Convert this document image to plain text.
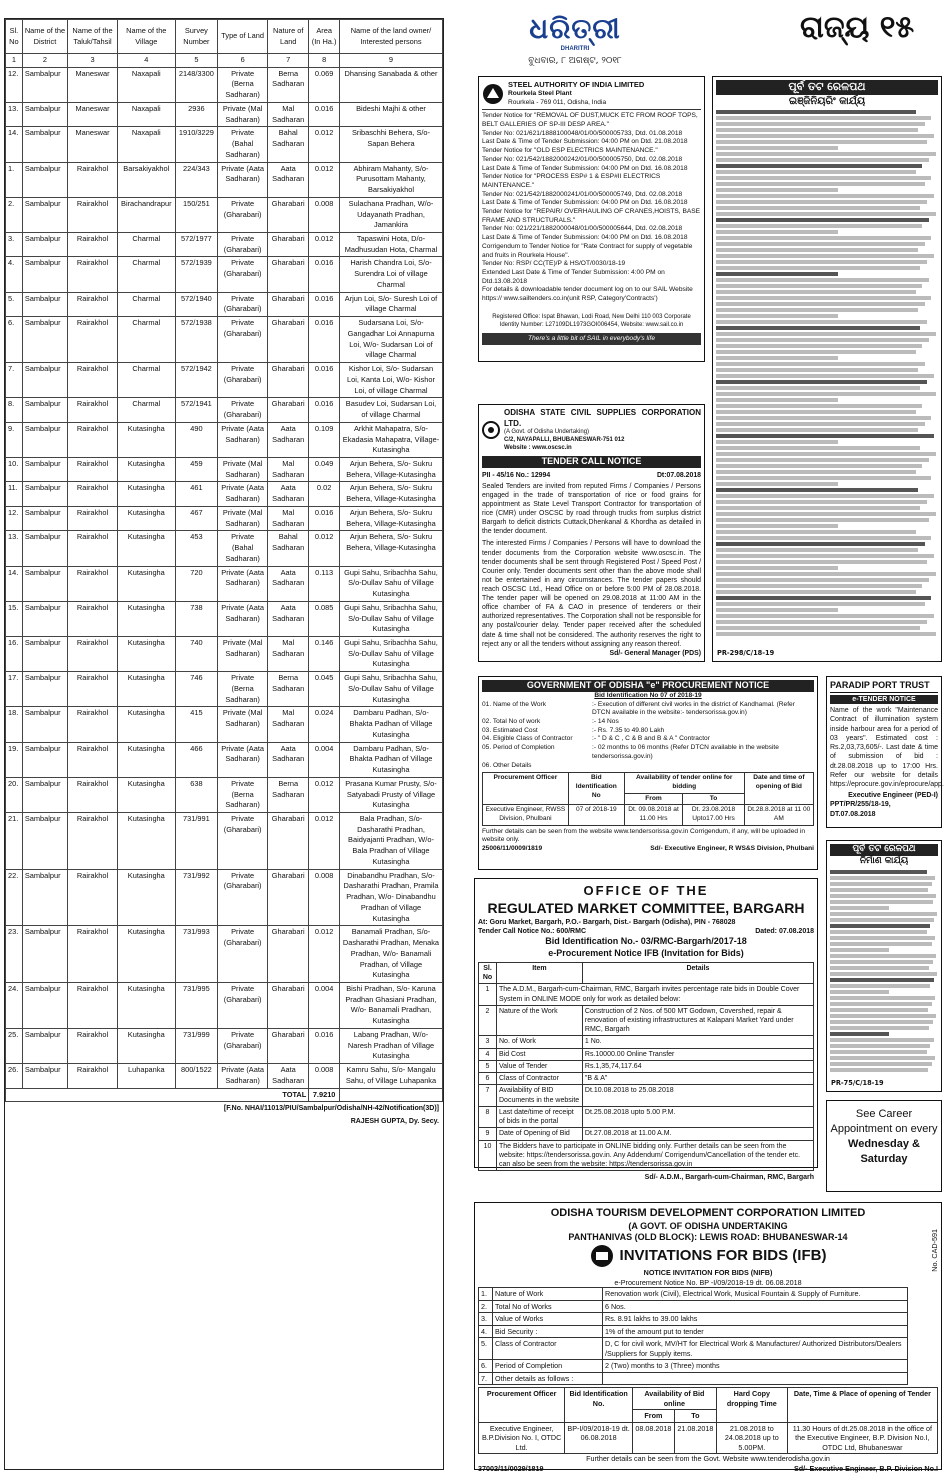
Sl. No	Name of the District	Name of the Taluk/Tahsil	Name of the Village	Survey Number	Type of Land	Nature of Land	Area (In Ha.)	Name of the land owner/ Interested persons
1	2	3	4	5	6	7	8	9
12.	Sambalpur	Maneswar	Naxapali	2148/3300	Private (Berna Sadharan)	Berna Sadharan	0.069	Dhansing Sanabada & other
13.	Sambalpur	Maneswar	Naxapali	2936	Private (Mal Sadharan)	Mal Sadharan	0.016	Bideshi Majhi & other
14.	Sambalpur	Maneswar	Naxapali	1910/3229	Private (Bahal Sadharan)	Bahal Sadharan	0.012	Sribaschhi Behera, S/o- Sapan Behera
1.	Sambalpur	Rairakhol	Barsakiyakhol	224/343	Private (Aata Sadharan)	Aata Sadharan	0.012	Abhiram Mahanty, S/o- Purusottam Mahanty, Barsakiyakhol
2.	Sambalpur	Rairakhol	Birachandrapur	150/251	Private (Gharabari)	Gharabari	0.008	Sulachana Pradhan, W/o- Udayanath Pradhan, Jamankira
3.	Sambalpur	Rairakhol	Charmal	572/1977	Private (Gharabari)	Gharabari	0.012	Tapaswini Hota, D/o- Madhusudan Hota, Charmal
4.	Sambalpur	Rairakhol	Charmal	572/1939	Private (Gharabari)	Gharabari	0.016	Harish Chandra Loi, S/o- Surendra Loi of village Charmal
5.	Sambalpur	Rairakhol	Charmal	572/1940	Private (Gharabari)	Gharabari	0.016	Arjun Loi, S/o- Suresh Loi of village Charmal
6.	Sambalpur	Rairakhol	Charmal	572/1938	Private (Gharabari)	Gharabari	0.016	Sudarsana Loi, S/o- Gangadhar Loi Annapurna Loi, W/o- Sudarsan Loi of village Charmal
7.	Sambalpur	Rairakhol	Charmal	572/1942	Private (Gharabari)	Gharabari	0.016	Kishor Loi, S/o- Sudarsan Loi, Kanta Loi, W/o- Kishor Loi, of village Charmal
8.	Sambalpur	Rairakhol	Charmal	572/1941	Private (Gharabari)	Gharabari	0.016	Basudev Loi, Sudarsan Loi, of village Charmal
9.	Sambalpur	Rairakhol	Kutasingha	490	Private (Aata Sadharan)	Aata Sadharan	0.109	Arkhit Mahapatra, S/o- Ekadasia Mahapatra, Village-Kutasingha
10.	Sambalpur	Rairakhol	Kutasingha	459	Private (Mal Sadharan)	Mal Sadharan	0.049	Arjun Behera, S/o- Sukru Behera, Village-Kutasingha
11.	Sambalpur	Rairakhol	Kutasingha	461	Private (Aata Sadharan)	Aata Sadharan	0.02	Arjun Behera, S/o- Sukru Behera, Village-Kutasingha
12.	Sambalpur	Rairakhol	Kutasingha	467	Private (Mal Sadharan)	Mal Sadharan	0.016	Arjun Behera, S/o- Sukru Behera, Village-Kutasingha
13.	Sambalpur	Rairakhol	Kutasingha	453	Private (Bahal Sadharan)	Bahal Sadharan	0.012	Arjun Behera, S/o- Sukru Behera, Village-Kutasingha
14.	Sambalpur	Rairakhol	Kutasingha	720	Private (Aata Sadharan)	Aata Sadharan	0.113	Gupi Sahu, Sribachha Sahu, S/o-Dullav Sahu of Village Kutasingha
15.	Sambalpur	Rairakhol	Kutasingha	738	Private (Aata Sadharan)	Aata Sadharan	0.085	Gupi Sahu, Sribachha Sahu, S/o-Dullav Sahu of Village Kutasingha
16.	Sambalpur	Rairakhol	Kutasingha	740	Private (Mal Sadharan)	Mal Sadharan	0.146	Gupi Sahu, Sribachha Sahu, S/o-Dullav Sahu of Village Kutasingha
17.	Sambalpur	Rairakhol	Kutasingha	746	Private (Berna Sadharan)	Berna Sadharan	0.045	Gupi Sahu, Sribachha Sahu, S/o-Dullav Sahu of Village Kutasingha
18.	Sambalpur	Rairakhol	Kutasingha	415	Private (Mal Sadharan)	Mal Sadharan	0.024	Dambaru Padhan, S/o- Bhakta Padhan of Village Kutasingha
19.	Sambalpur	Rairakhol	Kutasingha	466	Private (Aata Sadharan)	Aata Sadharan	0.004	Dambaru Padhan, S/o- Bhakta Padhan of Village Kutasingha
20.	Sambalpur	Rairakhol	Kutasingha	638	Private (Berna Sadharan)	Berna Sadharan	0.012	Prasana Kumar Prusty, S/o- Satyabadi Prusty of Village Kutasingha
21.	Sambalpur	Rairakhol	Kutasingha	731/991	Private (Gharabari)	Gharabari	0.012	Bala Pradhan, S/o- Dasharathi Pradhan, Baidyajanti Pradhan, W/o- Bala Pradhan of Village Kutasingha
22.	Sambalpur	Rairakhol	Kutasingha	731/992	Private (Gharabari)	Gharabari	0.008	Dinabandhu Pradhan, S/o- Dasharathi Pradhan, Pramila Pradhan, W/o- Dinabandhu Pradhan of Village Kutasingha
23.	Sambalpur	Rairakhol	Kutasingha	731/993	Private (Gharabari)	Gharabari	0.012	Banamali Pradhan, S/o- Dasharathi Pradhan, Menaka Pradhan, W/o- Banamali Pradhan, of Village Kutasingha
24.	Sambalpur	Rairakhol	Kutasingha	731/995	Private (Gharabari)	Gharabari	0.004	Bishi Pradhan, S/o- Karuna Pradhan Ghasiani Pradhan, W/o- Banamali Pradhan, Kutasingha
25.	Sambalpur	Rairakhol	Kutasingha	731/999	Private (Gharabari)	Gharabari	0.016	Labang Pradhan, W/o- Naresh Pradhan of Village Kutasingha
26.	Sambalpur	Rairakhol	Luhapanka	800/1522	Private (Aata Sadharan)	Aata Sadharan	0.008	Kamru Sahu, S/o- Mangalu Sahu, of Village Luhapanka
TOTAL							7.9210	
[F.No. NHAI/11013/PIU/Sambalpur/Odisha/NH-42/Notification(3D)]
RAJESH GUPTA, Dy. Secy.
ଧରିତ୍ରୀ
DHARITRI
ବୁଧବାର, ୮ ଅଗଷ୍ଟ, ୨୦୧୮
ରାଜ୍ୟ ୧୫
STEEL AUTHORITY OF INDIA LIMITED
Rourkela Steel Plant
Rourkela - 769 011, Odisha, India
Tender Notice for "REMOVAL OF DUST,MUCK ETC FROM ROOF TOPS, BELT GALLERIES OF SP-III DESP AREA."
Tender No: 021/621/1888100048/01/00/500005733, Dtd. 01.08.2018
Last Date & Time of Tender Submission: 04:00 PM on Dtd. 21.08.2018
Tender Notice for "OLD ESP ELECTRICS MAINTENANCE."
Tender No: 021/542/1882000242/01/00/500005750, Dtd. 02.08.2018
Last Date & Time of Tender Submission: 04:00 PM on Dtd. 16.08.2018
Tender Notice for "PROCESS ESP# 1 & ESP#II ELECTRICS MAINTENANCE."
Tender No: 021/542/1882000241/01/00/500005749, Dtd. 02.08.2018
Last Date & Time of Tender Submission: 04:00 PM on Dtd. 16.08.2018
Tender Notice for "REPAIR/ OVERHAULING OF CRANES,HOISTS, BASE FRAME AND STRUCTURALS."
Tender No: 021/221/1882000048/01/00/500005644, Dtd. 02.08.2018
Last Date & Time of Tender Submission: 04:00 PM on Dtd. 16.08.2018
Corrigendum to Tender Notice for "Rate Contract for supply of vegetable and fruits in Rourkela House".
Tender No: RSP/ CC(TE)/P & HS/OT/0030/18-19
Extended Last Date & Time of Tender Submission: 4:00 PM on Dtd.13.08.2018
For details & downloadable tender document log on to our SAIL Website https:// www.sailtenders.co.in(unit RSP, Category'Contracts')
Registered Office: Ispat Bhawan, Lodi Road, New Delhi 110 003 Corporate Identity Number: L27109DL1973GOI006454, Website: www.sail.co.in
There's a little bit of SAIL in everybody's life
ODISHA STATE CIVIL SUPPLIES CORPORATION LTD.
(A Govt. of Odisha Undertaking)
C/2, NAYAPALLI, BHUBANESWAR-751 012
Website : www.oscsc.in
TENDER CALL NOTICE
PII - 45/16 No.: 12994	Dt:07.08.2018

Sealed Tenders are invited from reputed Firms / Companies / Persons engaged in the trade of transportation of rice or food grains for appointment as State Level Transport Contractor for transportation of rice (CMR) under OSCSC by road through trucks from surplus district Bargarh to deficit districts Cuttack,Dhenkanal & Khordha as detailed in the tender document.

The interested Firms / Companies / Persons will have to download the tender documents from the Corporation website www.oscsc.in. The tender documents shall be sent through Registered Post / Speed Post / Courier only. Tender documents sent other than the above mode shall not be entertained in any circumstances. The tender papers should reach OSCSC Ltd., Head Office on or before 5:00 PM of 28.08.2018. The tender paper will be opened on 29.08.2018 at 11:00 AM in the office chamber of FA & CAO in presence of tenderers or their authorized representatives. The Corporation shall not be responsible for any postal/courier delay. Tender paper received after the scheduled date & time shall not be considered. The authority reserves the right to reject any or all the tenders without assigning any reason thereof.

Sd/- General Manager (PDS)
GOVERNMENT OF ODISHA "e" PROCUREMENT NOTICE
Bid Identification No 07 of 2018-19
01. Name of the Work	:- Execution of different civil works in the district of Kandhamal. (Refer DTCN available in the website:- tendersorissa.gov.in)
02. Total No of work	:- 14 Nos
03. Estimated Cost	:- Rs. 7.35 to 49.80 Lakh
04. Eligible Class of Contractor	:- " D & C , C & B and B & A " Contractor
05. Period of Completion	:- 02 months to 06 months (Refer DTCN available in the website tendersorissa.gov.in)
06. Other Details
Procurement Officer	Bid Identification No	Availability of tender online for bidding		Date and time of opening of Bid
		From	To	
Executive Engineer, RWSS Division, Phulbani	07 of 2018-19	Dt. 09.08.2018 at 11.00 Hrs	Dt. 23.08.2018 Upto17.00 Hrs	Dt.28.8.2018 at 11 00 AM
Further details can be seen from the website www.tendersorissa.gov.in Corrigendum, if any, will be uploaded in website only.
25006/11/0009/1819	Sd/- Executive Engineer, R WS&S Division, Phulbani
PARADIP PORT TRUST
e-TENDER NOTICE

Name of the work "Maintenance Contract of illumination system inside harbour area for a period of 03 years". Estimated cost : Rs.2,03,73,605/-. Last date & time of submission of bid : dt.28.08.2018 up to 17:00 Hrs. Refer our website for details https://eprocure.gov.in/eprocure/app.

Executive Engineer (PED-I)
PPT/PR/255/18-19, DT.07.08.2018
ପୂର୍ବ ତଟ ରେଳପଥ
ଇଞ୍ଜିନିୟରିଂ କାର୍ଯ୍ୟ
PR-298/C/18-19
ପୂର୍ବ ତଟ ରେଳପଥ
ନିର୍ମାଣ କାର୍ଯ୍ୟ
PR-75/C/18-19
See Career Appointment on every
Wednesday & Saturday
OFFICE OF THE
REGULATED MARKET COMMITTEE, BARGARH
At: Goru Market, Bargarh, P.O.- Bargarh, Dist.- Bargarh (Odisha), PIN - 768028
Tender Call Notice No.: 600/RMC	Dated: 07.08.2018
Bid Identification No.- 03/RMC-Bargarh/2017-18
e-Procurement Notice IFB (Invitation for Bids)
Sl. No	Item	Details
1	The A.D.M., Bargarh-cum-Chairman, RMC, Bargarh invites percentage rate bids in Double Cover System in ONLINE MODE only for work as detailed below:	
2	Nature of the Work	Construction of 2 Nos. of 500 MT Godown, Covershed, repair & renovation of existing infrastructures at Kalapani Market Yard under RMC, Bargarh
3	No. of Work	1 No.
4	Bid Cost	Rs.10000.00 Online Transfer
5	Value of Tender	Rs.1,35,74,117.64
6	Class of Contractor	"B & A"
7	Availability of BID Documents in the website	Dt.10.08.2018 to 25.08.2018
8	Last date/time of receipt of bids in the portal	Dt.25.08.2018 upto 5.00 P.M.
9	Date of Opening of Bid	Dt.27.08.2018 at 11.00 A.M.
10	The Bidders have to participate in ONLINE bidding only. Further details can be seen from the website: https://tendersorissa.gov.in. Any Addendum/ Corrigendum/Cancellation of the tender etc. can also be seen from the website: https://tendersorissa.gov.in	
Sd/- A.D.M., Bargarh-cum-Chairman, RMC, Bargarh
ODISHA TOURISM DEVELOPMENT CORPORATION LIMITED
(A GOVT. OF ODISHA UNDERTAKING
PANTHANIVAS (OLD BLOCK): LEWIS ROAD: BHUBANESWAR-14
INVITATIONS FOR BIDS (IFB)
NOTICE INVITATION FOR BIDS (NIFB)
e-Procurement Notice No. BP -I/09/2018-19 dt. 06.08.2018
No. CAD-591
1.	Nature of Work	Renovation work (Civil), Electrical Work, Musical Fountain & Supply of Furniture.
2.	Total No of Works	6 Nos.
3.	Value of Works	Rs. 8.91 lakhs to 39.00 lakhs
4.	Bid Security :	1% of the amount put to tender
5.	Class of Contractor	D, C for civil work, MV/HT for Electrical Work & Manufacturer/ Authorized Distributors/Dealers /Suppliers for Supply items.
6.	Period of Completion	2 (Two) months to 3 (Three) months
7.	Other details as follows :	
Procurement Officer	Bid Identification No.	Availability of Bid online		Hard Copy dropping Time	Date, Time & Place of opening of Tender
		From	To		
Executive Engineer, B.P.Division No. I, OTDC Ltd.	BP-I/09/2018-19 dt. 06.08.2018	08.08.2018	21.08.2018	21.08.2018 to 24.08.2018 up to 5.00PM.	11.30 Hours of dt.25.08.2018 in the office of the Executive Engineer, B.P. Division No.I, OTDC Ltd, Bhubaneswar
Further details can be seen from the Govt. Website www.tenderodisha.gov.in
37002/11/0029/1819	Sd/- Executive Engineer, B.P. Division No.I
